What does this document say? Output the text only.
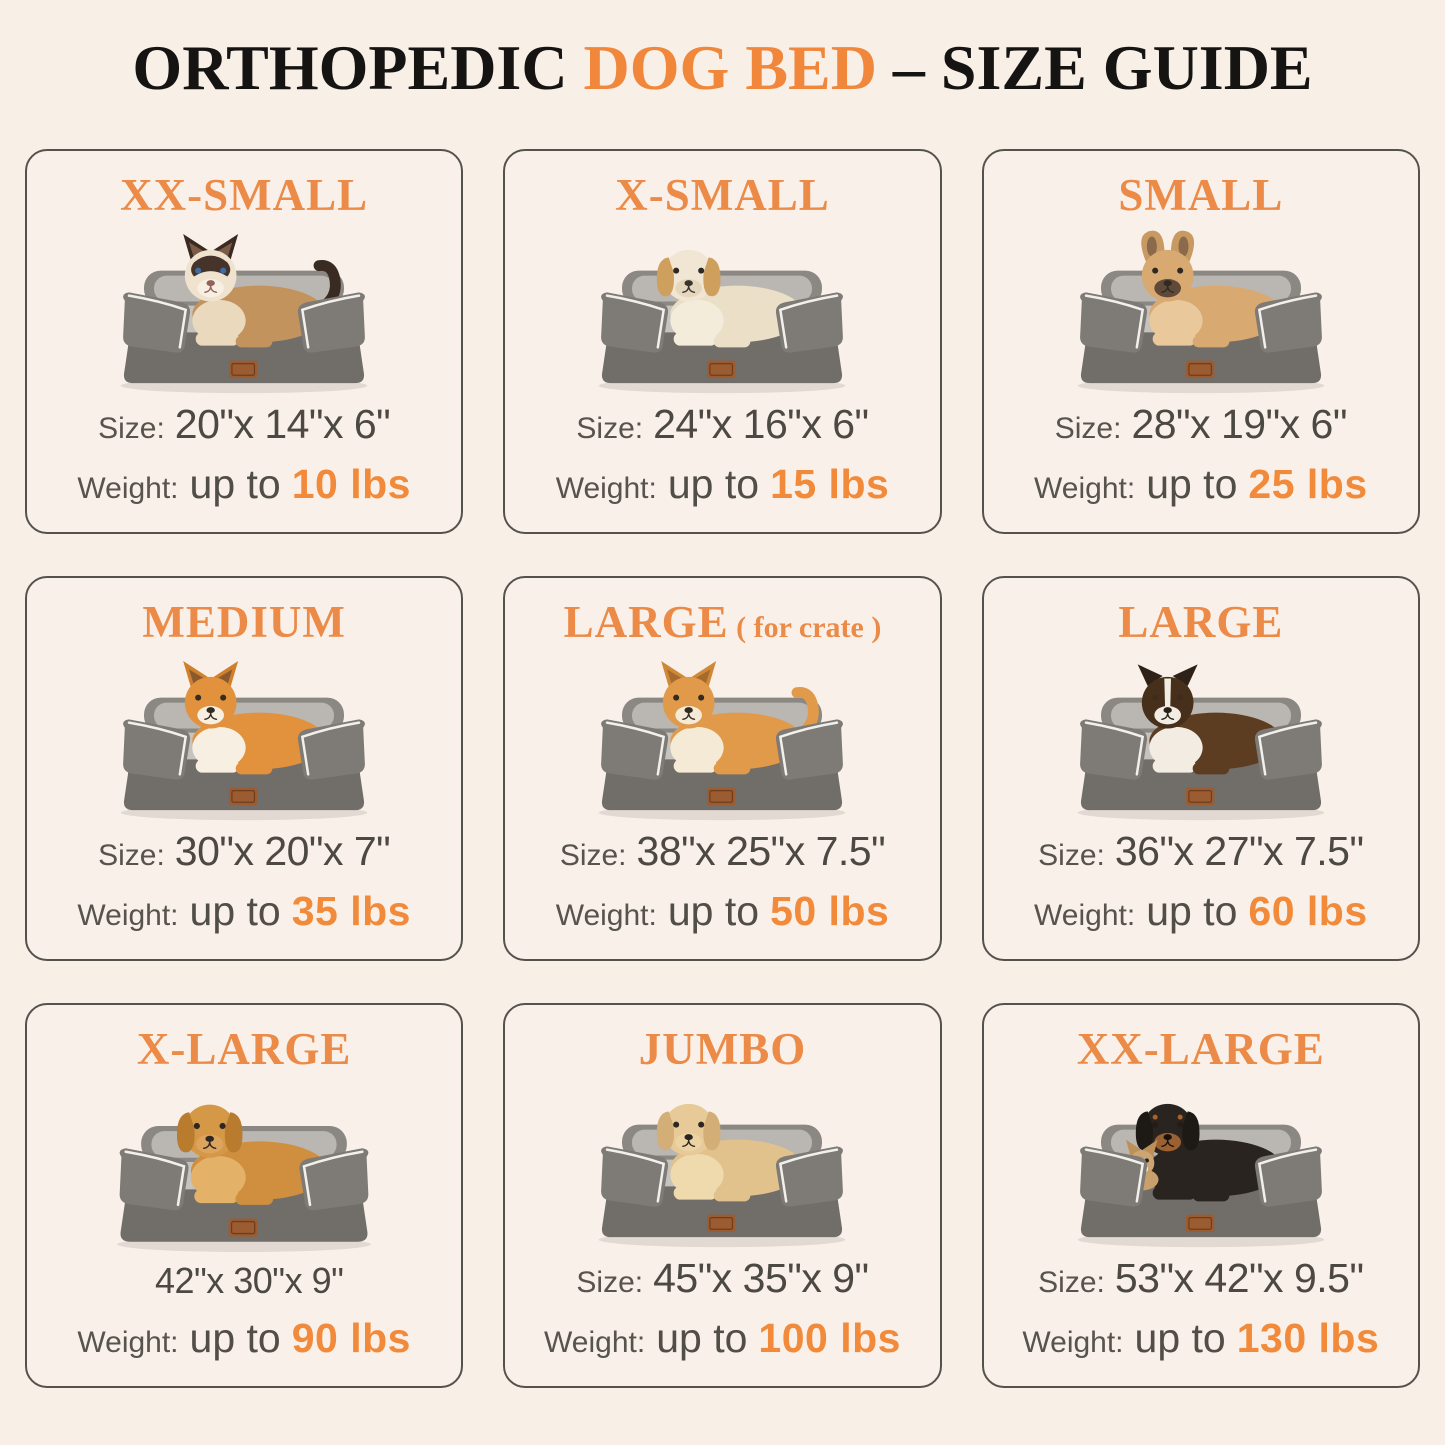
ORTHOPEDIC DOG BED – SIZE GUIDE
XX-SMALL
Size: 20"x 14"x 6"
Weight: up to 10 lbs
X-SMALL
Size: 24"x 16"x 6"
Weight: up to 15 lbs
SMALL
Size: 28"x 19"x 6"
Weight: up to 25 lbs
MEDIUM
Size: 30"x 20"x 7"
Weight: up to 35 lbs
LARGE ( for crate )
Size: 38"x 25"x 7.5"
Weight: up to 50 lbs
LARGE
Size: 36"x 27"x 7.5"
Weight: up to 60 lbs
X-LARGE
42"x 30"x 9"
Weight: up to 90 lbs
JUMBO
Size: 45"x 35"x 9"
Weight: up to 100 lbs
XX-LARGE
Size: 53"x 42"x 9.5"
Weight: up to 130 lbs
